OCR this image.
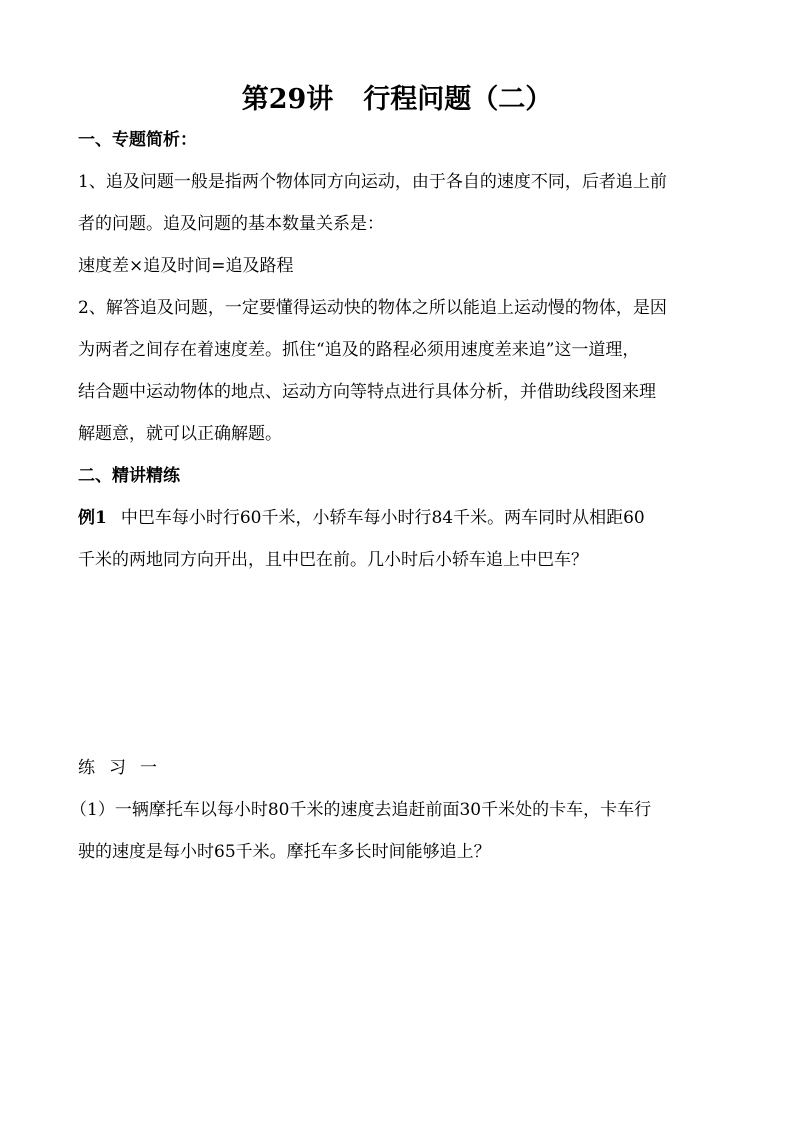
第29讲 行程问题（二）
一、专题简析：
1、追及问题一般是指两个物体同方向运动，由于各自的速度不同，后者追上前
者的问题。追及问题的基本数量关系是：
速度差×追及时间=追及路程
2、解答追及问题，一定要懂得运动快的物体之所以能追上运动慢的物体，是因
为两者之间存在着速度差。抓住“追及的路程必须用速度差来追”这一道理，
结合题中运动物体的地点、运动方向等特点进行具体分析，并借助线段图来理
解题意，就可以正确解题。
二、精讲精练
例1 中巴车每小时行60千米，小轿车每小时行84千米。两车同时从相距60
千米的两地同方向开出，且中巴在前。几小时后小轿车追上中巴车？
练习一
（1）一辆摩托车以每小时80千米的速度去追赶前面30千米处的卡车，卡车行
驶的速度是每小时65千米。摩托车多长时间能够追上？
